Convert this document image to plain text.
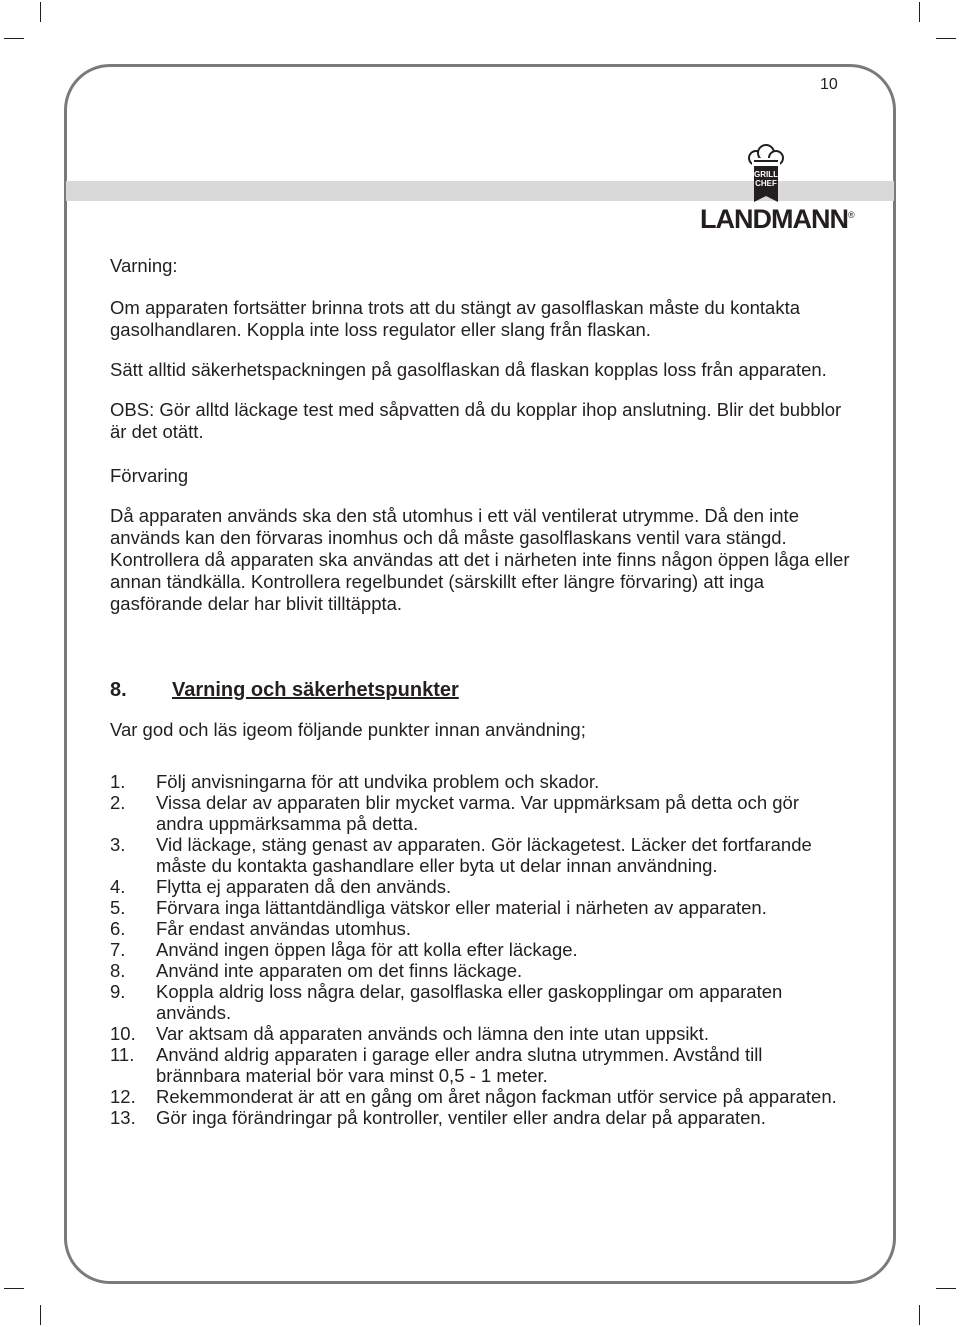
10
GRILL
CHEF
LANDMANN®

Varning:

Om apparaten fortsätter brinna trots att du stängt av gasolflaskan måste du kontakta gasolhandlaren. Koppla inte loss regulator eller slang från flaskan.

Sätt alltid säkerhetspackningen på gasolflaskan då flaskan kopplas loss från apparaten.

OBS: Gör alltd läckage test med såpvatten då du kopplar ihop anslutning. Blir det bubblor är det otätt.

Förvaring

Då apparaten används ska den stå utomhus i ett väl ventilerat utrymme. Då den inte används kan den förvaras inomhus och då måste gasolflaskans ventil vara stängd. Kontrollera då apparaten ska användas att det i närheten inte finns någon öppen låga eller annan tändkälla. Kontrollera regelbundet (särskillt efter längre förvaring) att inga gasförande delar har blivit tilltäppta.

8.	Varning och säkerhetspunkter

Var god och läs igeom följande punkter innan användning;

1.	Följ anvisningarna för att undvika problem och skador.
2.	Vissa delar av apparaten blir mycket varma. Var uppmärksam på detta och gör andra uppmärksamma på detta.
3.	Vid läckage, stäng genast av apparaten. Gör läckagetest. Läcker det fortfarande måste du kontakta gashandlare eller byta ut delar innan användning.
4.	Flytta ej apparaten då den används.
5.	Förvara inga lättantdändliga vätskor eller material i närheten av apparaten.
6.	Får endast användas utomhus.
7.	Använd ingen öppen låga för att kolla efter läckage.
8.	Använd inte apparaten om det finns läckage.
9.	Koppla aldrig loss några delar, gasolflaska eller gaskopplingar om apparaten används.
10.	Var aktsam då apparaten används och lämna den inte utan uppsikt.
11.	Använd aldrig apparaten i garage eller andra slutna utrymmen. Avstånd till brännbara material bör vara minst 0,5 - 1 meter.
12.	Rekemmonderat är att en gång om året någon fackman utför service på apparaten.
13.	Gör inga förändringar på kontroller, ventiler eller andra delar på apparaten.
